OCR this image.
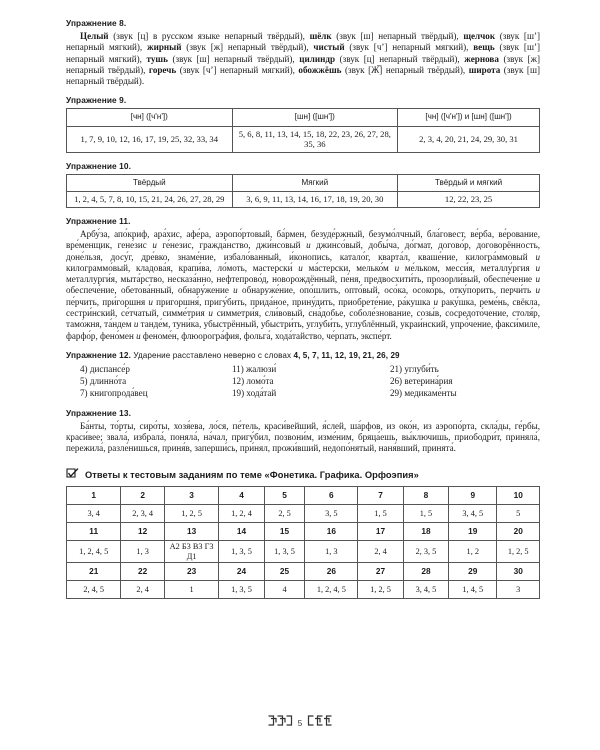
Упражнение 8.

Целый (звук [ц] в русском языке непарный твёрдый), шёлк (звук [ш] непарный твёрдый), щелчок (звук [ш’] непарный мягкий), жирный (звук [ж] непарный твёрдый), чистый (звук [ч’] непарный мягкий), вещь (звук [ш’] непарный мягкий), тушь (звук [ш] непарный твёрдый), цилиндр (звук [ц] непарный твёрдый), жернова (звук [ж] непарный твёрдый), горечь (звук [ч’] непарный мягкий), обожжёшь (звук [Ж̅] непарный твёрдый), широта (звук [ш] непарный твёрдый).

Упражнение 9.
[чн] ([ч'н'])	[шн] ([шн'])	[чн] ([ч'н']) и [шн] ([шн'])
1, 7, 9, 10, 12, 16, 17, 19, 25, 32, 33, 34	5, 6, 8, 11, 13, 14, 15, 18, 22, 23, 26, 27, 28, 35, 36	2, 3, 4, 20, 21, 24, 29, 30, 31
Упражнение 10.
Твёрдый	Мягкий	Твёрдый и мягкий
1, 2, 4, 5, 7, 8, 10, 15, 21, 24, 26, 27, 28, 29	3, 6, 9, 11, 13, 14, 16, 17, 18, 19, 20, 30	12, 22, 23, 25
Упражнение 11.

Арбу́за, апо́криф, ара́хис, афе́ра, аэропо́ртовый, ба́рмен, безуде́ржный, безумо́лчный, бла́говест, ве́рба, ве́рование, вре́менщик, гене́зис и ге́незис, гражда́нство, джи́нсовый и джинсо́вый, добы́ча, до́гмат, догово́р, договорённость, доне́льзя, досу́г, дре́вко, знаме́ние, избало́ванный, и́конопись, катало́г, кварта́л, кваше́ние, килогра́ммовый и килограммо́вый, кладова́я, крапи́ва, ло́моть, мастерски́ и ма́стерски, мелько́м и ме́льком, месси́я, металлу́ргия и металлурги́я, мыта́рство, несказа́нно, нефтепрово́д, новорождённый, пе́ня, предвосхити́ть, прозорли́вый, обеспе́чение и обеспече́ние, обетова́нный, обнару́жение и обнаруже́ние, опо́шлить, опто́вый, осо́ка, осоко́рь, отку́порить, перчи́ть и пе́рчить, при́горшня и пригоршня́, пригу́бить, прида́ное, прину́дить, приобрете́ние, ра́кушка и раку́шка, реме́нь, свёкла, сестри́нский, се́тчатый, симме́трия и симметри́я, сли́вовый, сна́добье, соболе́знование, созы́в, сосредото́чение, столя́р, тамо́жня, та́ндем и танде́м, туни́ка, убыстрённый, убыстри́ть, углуби́ть, углублённый, украи́нский, упро́чение, факси́миле, фарфо́р, фено́мен и феноме́н, флюорогра́фия, фольга́, хода́тайство, че́рпать, экспе́рт.

Упражнение 12. Ударение расставлено неверно с словах 4, 5, 7, 11, 12, 19, 21, 26, 29
4) диспансе́р
5) длинно́та
7) книгопрода́вец
11) жалюзи́
12) ломо́та
19) хода́тай
21) углуби́ть
26) ветерина́рия
29) медикаме́нты
Упражнение 13.

Ба́нты, то́рты, сиро́ты, хозя́ева, ло́ся, пе́тель, краси́вейший, я́слей, ша́рфов, из око́н, из аэропо́рта, скла́ды, ге́рбы, краси́вее; звала́, избрала́, поняла́, на́чал, пригу́бил, позвони́м, изме́ним, бряца́ешь, вы́ключишь, приободри́т, приняла́, пережила́, разле́нишься, приня́в, заперши́сь, при́нял, прожи́вший, недопо́нятый, наня́вший, принята́.

Ответы к тестовым заданиям по теме «Фонетика. Графика. Орфоэпия»
1	2	3	4	5	6	7	8	9	10
3, 4	2, 3, 4	1, 2, 5	1, 2, 4	2, 5	3, 5	1, 5	1, 5	3, 4, 5	5
11	12	13	14	15	16	17	18	19	20
1, 2, 4, 5	1, 3	А2 Б3 В3 Г3 Д1	1, 3, 5	1, 3, 5	1, 3	2, 4	2, 3, 5	1, 2	1, 2, 5
21	22	23	24	25	26	27	28	29	30
2, 4, 5	2, 4	1	1, 3, 5	4	1, 2, 4, 5	1, 2, 5	3, 4, 5	1, 4, 5	3
5
